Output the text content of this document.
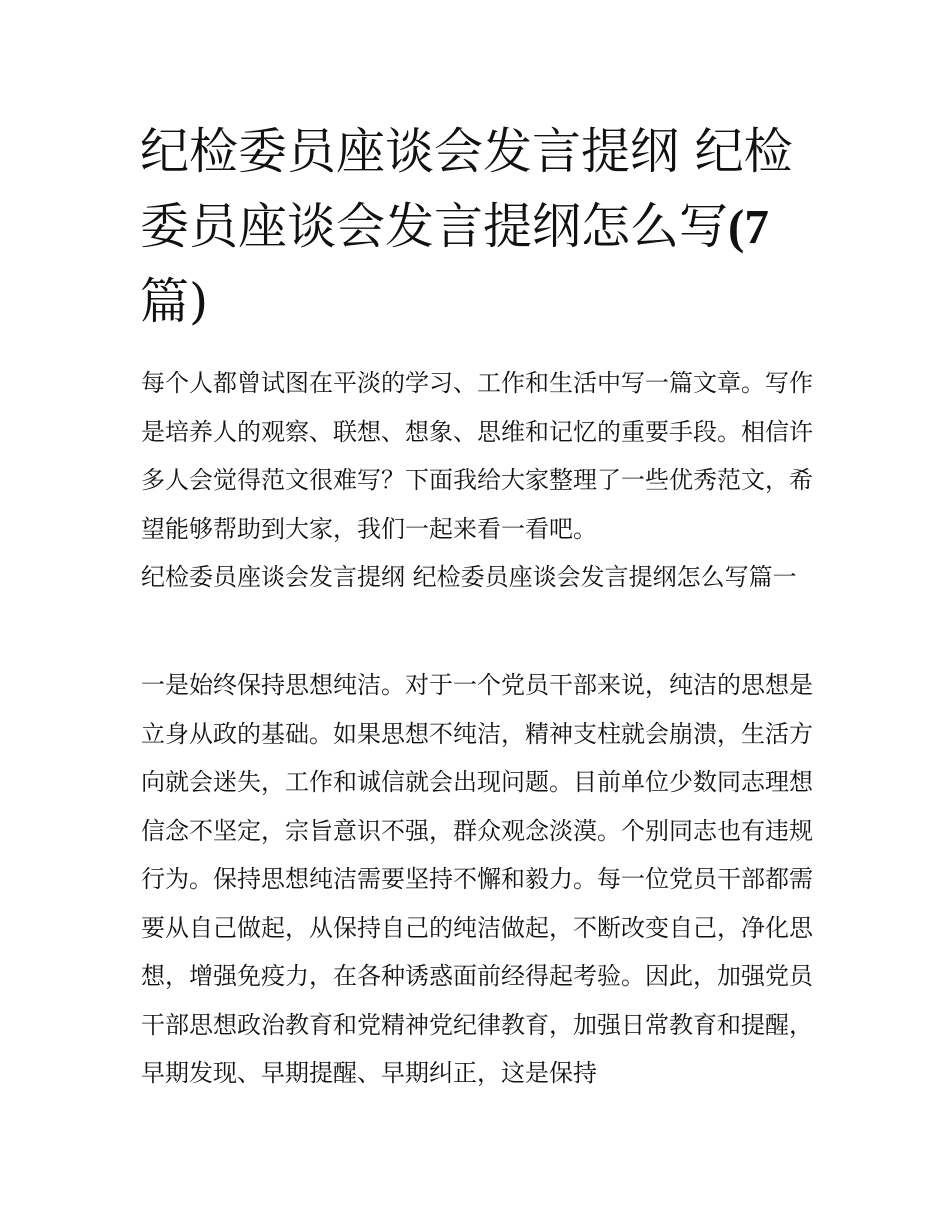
纪检委员座谈会发言提纲 纪检委员座谈会发言提纲怎么写(7
篇)

每个人都曾试图在平淡的学习、工作和生活中写一篇文章。写作是培养人的观察、联想、想象、思维和记忆的重要手段。相信许多人会觉得范文很难写？下面我给大家整理了一些优秀范文，希望能够帮助到大家，我们一起来看一看吧。

纪检委员座谈会发言提纲 纪检委员座谈会发言提纲怎么写篇一

一是始终保持思想纯洁。对于一个党员干部来说，纯洁的思想是立身从政的基础。如果思想不纯洁，精神支柱就会崩溃，生活方向就会迷失，工作和诚信就会出现问题。目前单位少数同志理想信念不坚定，宗旨意识不强，群众观念淡漠。个别同志也有违规行为。保持思想纯洁需要坚持不懈和毅力。每一位党员干部都需要从自己做起，从保持自己的纯洁做起，不断改变自己，净化思想，增强免疫力，在各种诱惑面前经得起考验。因此，加强党员干部思想政治教育和党精神党纪律教育，加强日常教育和提醒，早期发现、早期提醒、早期纠正，这是保持
